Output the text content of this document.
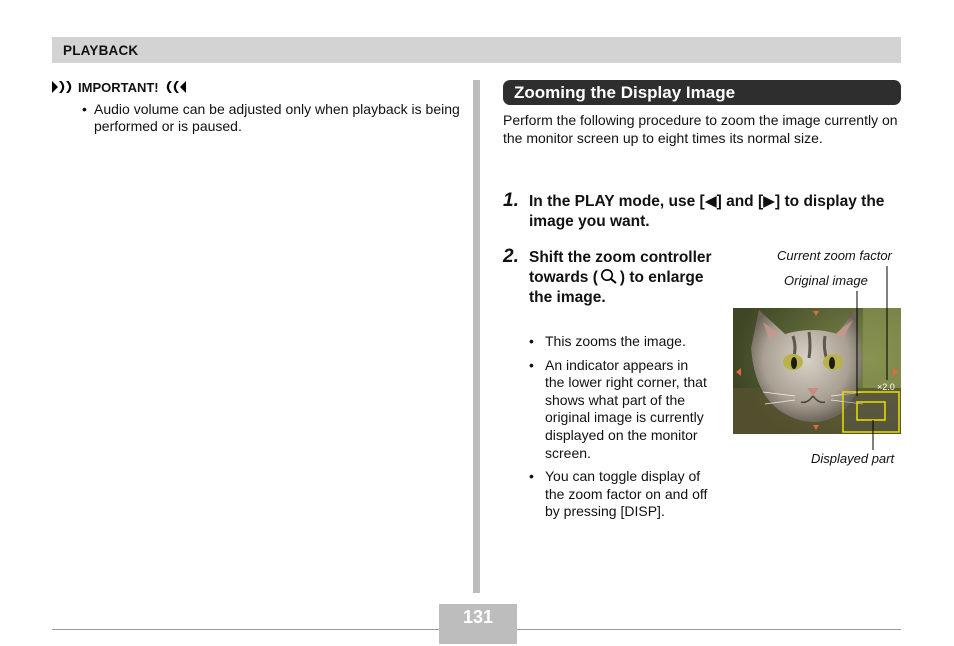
PLAYBACK
IMPORTANT!
• Audio volume can be adjusted only when playback is being performed or is paused.
Zooming the Display Image
Perform the following procedure to zoom the image currently on the monitor screen up to eight times its normal size.
1. In the PLAY mode, use [◀] and [▶] to display the image you want.
2. Shift the zoom controller towards ( ) to enlarge the image.
• This zooms the image.
• An indicator appears in the lower right corner, that shows what part of the original image is currently displayed on the monitor screen.
• You can toggle display of the zoom factor on and off by pressing [DISP].
Current zoom factor
Original image
Displayed part
×2.0
131
